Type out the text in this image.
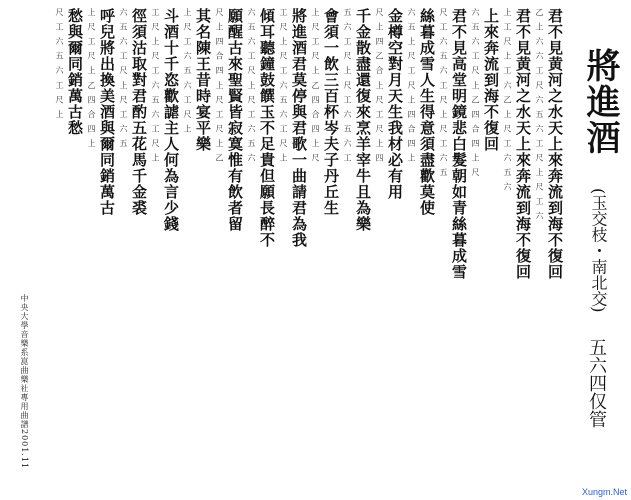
將進酒
(玉交枝・南北交)
五六四仅管
乙 上 六 六 工 尺 六 五 六 工 尺 上 尺 工 六 君不見黄河之水天上來奔流到海不復回
上 工 尺 上 工 六 乙 上 尺 工 六 五 六 君不見黄河之水天上來奔流到海不復回
六 五 六 工 尺 上 乙 四 合 四 上 尺 上來奔流到海不復回
尺 工 六 五 六 工 尺 上 尺 工 六 五 君不見高堂明鏡悲白髮朝如青絲暮成雪
六 五 上 尺 工 尺 上 四 合 四 上 絲暮成雪人生得意須盡歡莫使
尺 上 四 乙 合 上 尺 工 尺 上 四 金樽空對月天生我材必有用
五 六 工 尺 上 尺 工 六 五 六 工 千金散盡還復來烹羊宰牛且為樂
上 尺 工 尺 上 乙 四 合 四 上 尺 會須一飲三百杯岑夫子丹丘生
工 尺 上 尺 工 六 五 六 工 尺 上 將進酒君莫停與君歌一曲請君為我
六 五 六 工 尺 上 尺 工 六 五 六 傾耳聽鐘鼓饌玉不足貴但願長醉不
尺 上 四 合 四 上 尺 工 尺 上 乙 願醒古來聖賢皆寂寞惟有飲者留
上 尺 工 六 五 六 工 尺 上 其名陳王昔時宴平樂
工 尺 上 尺 工 六 五 六 工 尺 上 斗酒十千恣歡謔主人何為言少錢
六 五 六 工 尺 上 尺 工 六 五 徑須沽取對君酌五花馬千金裘
上 尺 工 尺 上 乙 四 合 四 上 呼兒將出換美酒與爾同銷萬古
尺 工 六 五 六 工 尺 上 愁與爾同銷萬古愁
中央大學音樂系崑曲樂社專用曲譜2001.11
Xungm.Net
